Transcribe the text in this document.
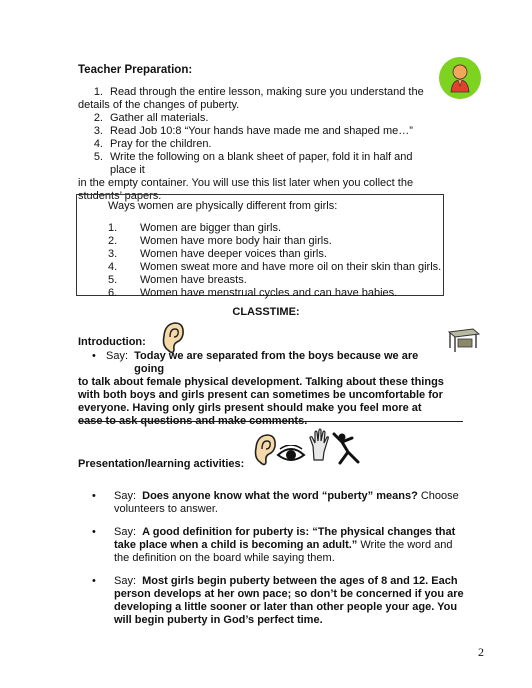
Teacher Preparation:
1. Read through the entire lesson, making sure you understand the
details of the changes of puberty.
2. Gather all materials.
3. Read Job 10:8 “Your hands have made me and shaped me…”
4. Pray for the children.
5. Write the following on a blank sheet of paper, fold it in half and place it
in the empty container. You will use this list later when you collect the
students’ papers.
Ways women are physically different from girls:
1.	Women are bigger than girls.
2.	Women have more body hair than girls.
3.	Women have deeper voices than girls.
4.	Women sweat more and have more oil on their skin than girls.
5.	Women have breasts.
6.	Women have menstrual cycles and can have babies.
CLASSTIME:
Introduction:
• Say:
Today we are separated from the boys because we are going
to talk about female physical development. Talking about these things with both boys and girls present can sometimes be uncomfortable for everyone. Having only girls present should make you feel more at ease to ask questions and make comments.
Presentation/learning activities:
•	Say: Does anyone know what the word “puberty” means? Choose volunteers to answer.
•	Say: A good definition for puberty is: “The physical changes that take place when a child is becoming an adult.” Write the word and the definition on the board while saying them.
•	Say: Most girls begin puberty between the ages of 8 and 12. Each person develops at her own pace; so don’t be concerned if you are developing a little sooner or later than other people your age. You will begin puberty in God’s perfect time.
2
